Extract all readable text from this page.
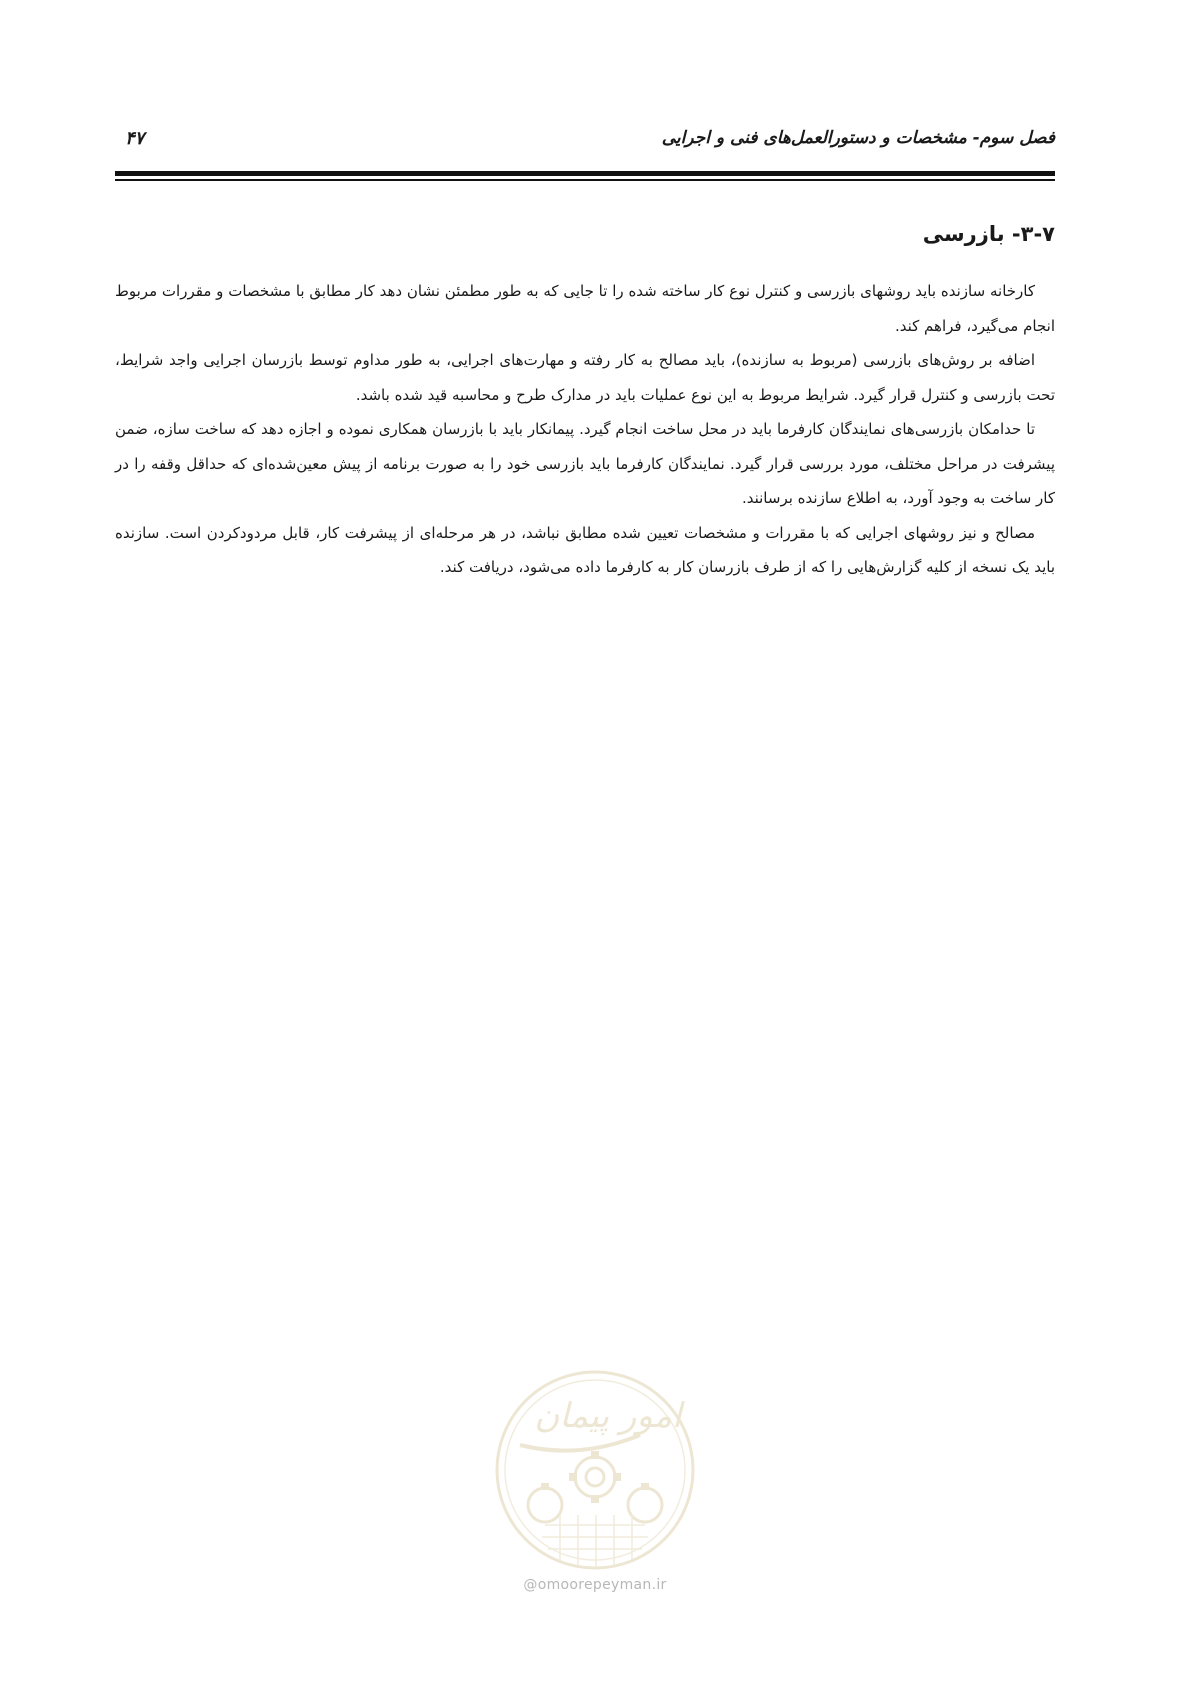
فصل سوم- مشخصات و دستورالعمل‌های فنی و اجرایی
۴۷
۳-۷- بازرسی

کارخانه سازنده باید روشهای بازرسی و کنترل نوع کار ساخته شده را تا جایی که به طور مطمئن نشان دهد کار مطابق با مشخصات و مقررات مربوط انجام می‌گیرد، فراهم کند.

اضافه بر روش‌های بازرسی (مربوط به سازنده)، باید مصالح به کار رفته و مهارت‌های اجرایی، به طور مداوم توسط بازرسان اجرایی واجد شرایط، تحت بازرسی و کنترل قرار گیرد. شرایط مربوط به این نوع عملیات باید در مدارک طرح و محاسبه قید شده باشد.

تا حدامکان بازرسی‌های نمایندگان کارفرما باید در محل ساخت انجام گیرد. پیمانکار باید با بازرسان همکاری نموده و اجازه دهد که ساخت سازه، ضمن پیشرفت در مراحل مختلف، مورد بررسی قرار گیرد. نمایندگان کارفرما باید بازرسی خود را به صورت برنامه از پیش معین‌شده‌ای که حداقل وقفه را در کار ساخت به وجود آورد، به اطلاع سازنده برسانند.

مصالح و نیز روشهای اجرایی که با مقررات و مشخصات تعیین شده مطابق نباشد، در هر مرحله‌ای از پیشرفت کار، قابل مردودکردن است. سازنده باید یک نسخه از کلیه گزارش‌هایی را که از طرف بازرسان کار به کارفرما داده می‌شود، دریافت کند.

امور پیمان
@omoorepeyman.ir
